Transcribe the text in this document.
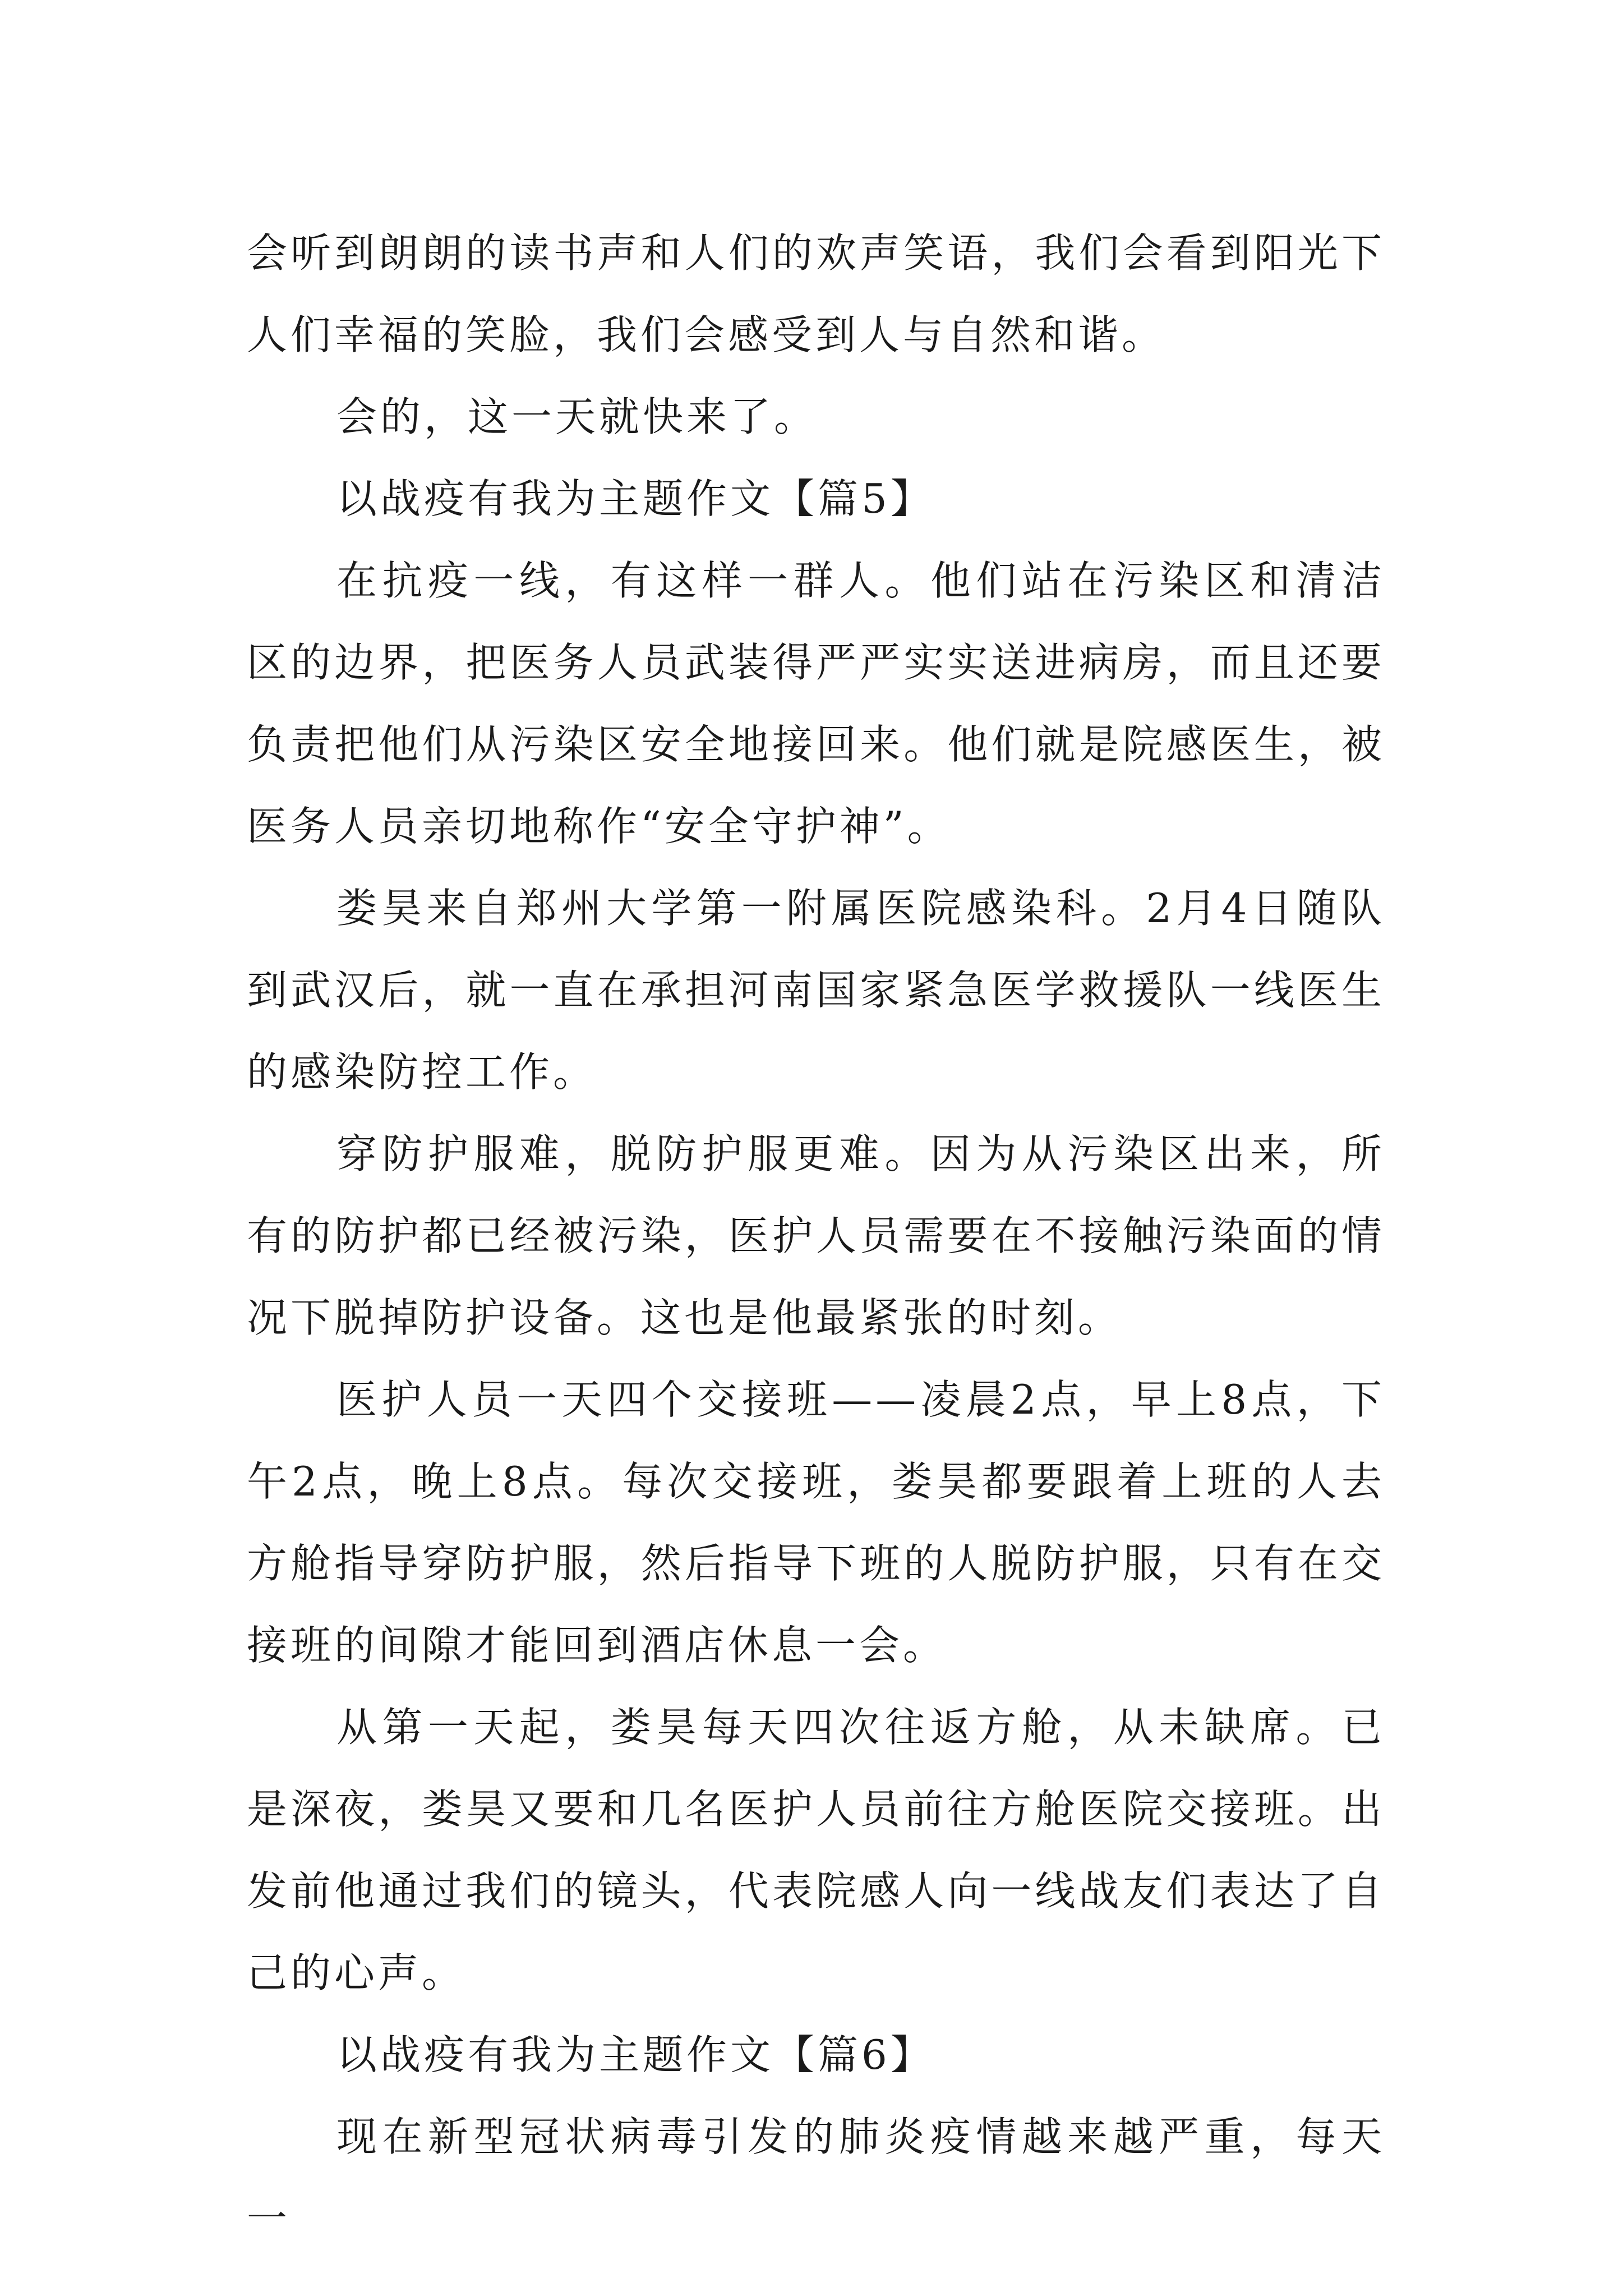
会听到朗朗的读书声和人们的欢声笑语，我们会看到阳光下人们幸福的笑脸，我们会感受到人与自然和谐。

会的，这一天就快来了。

以战疫有我为主题作文【篇5】

在抗疫一线，有这样一群人。他们站在污染区和清洁区的边界，把医务人员武装得严严实实送进病房，而且还要负责把他们从污染区安全地接回来。他们就是院感医生，被医务人员亲切地称作“安全守护神”。

娄昊来自郑州大学第一附属医院感染科。2月4日随队到武汉后，就一直在承担河南国家紧急医学救援队一线医生的感染防控工作。

穿防护服难，脱防护服更难。因为从污染区出来，所有的防护都已经被污染，医护人员需要在不接触污染面的情况下脱掉防护设备。这也是他最紧张的时刻。

医护人员一天四个交接班——凌晨2点，早上8点，下午2点，晚上8点。每次交接班，娄昊都要跟着上班的人去方舱指导穿防护服，然后指导下班的人脱防护服，只有在交接班的间隙才能回到酒店休息一会。

从第一天起，娄昊每天四次往返方舱，从未缺席。已是深夜，娄昊又要和几名医护人员前往方舱医院交接班。出发前他通过我们的镜头，代表院感人向一线战友们表达了自己的心声。

以战疫有我为主题作文【篇6】

现在新型冠状病毒引发的肺炎疫情越来越严重，每天一
